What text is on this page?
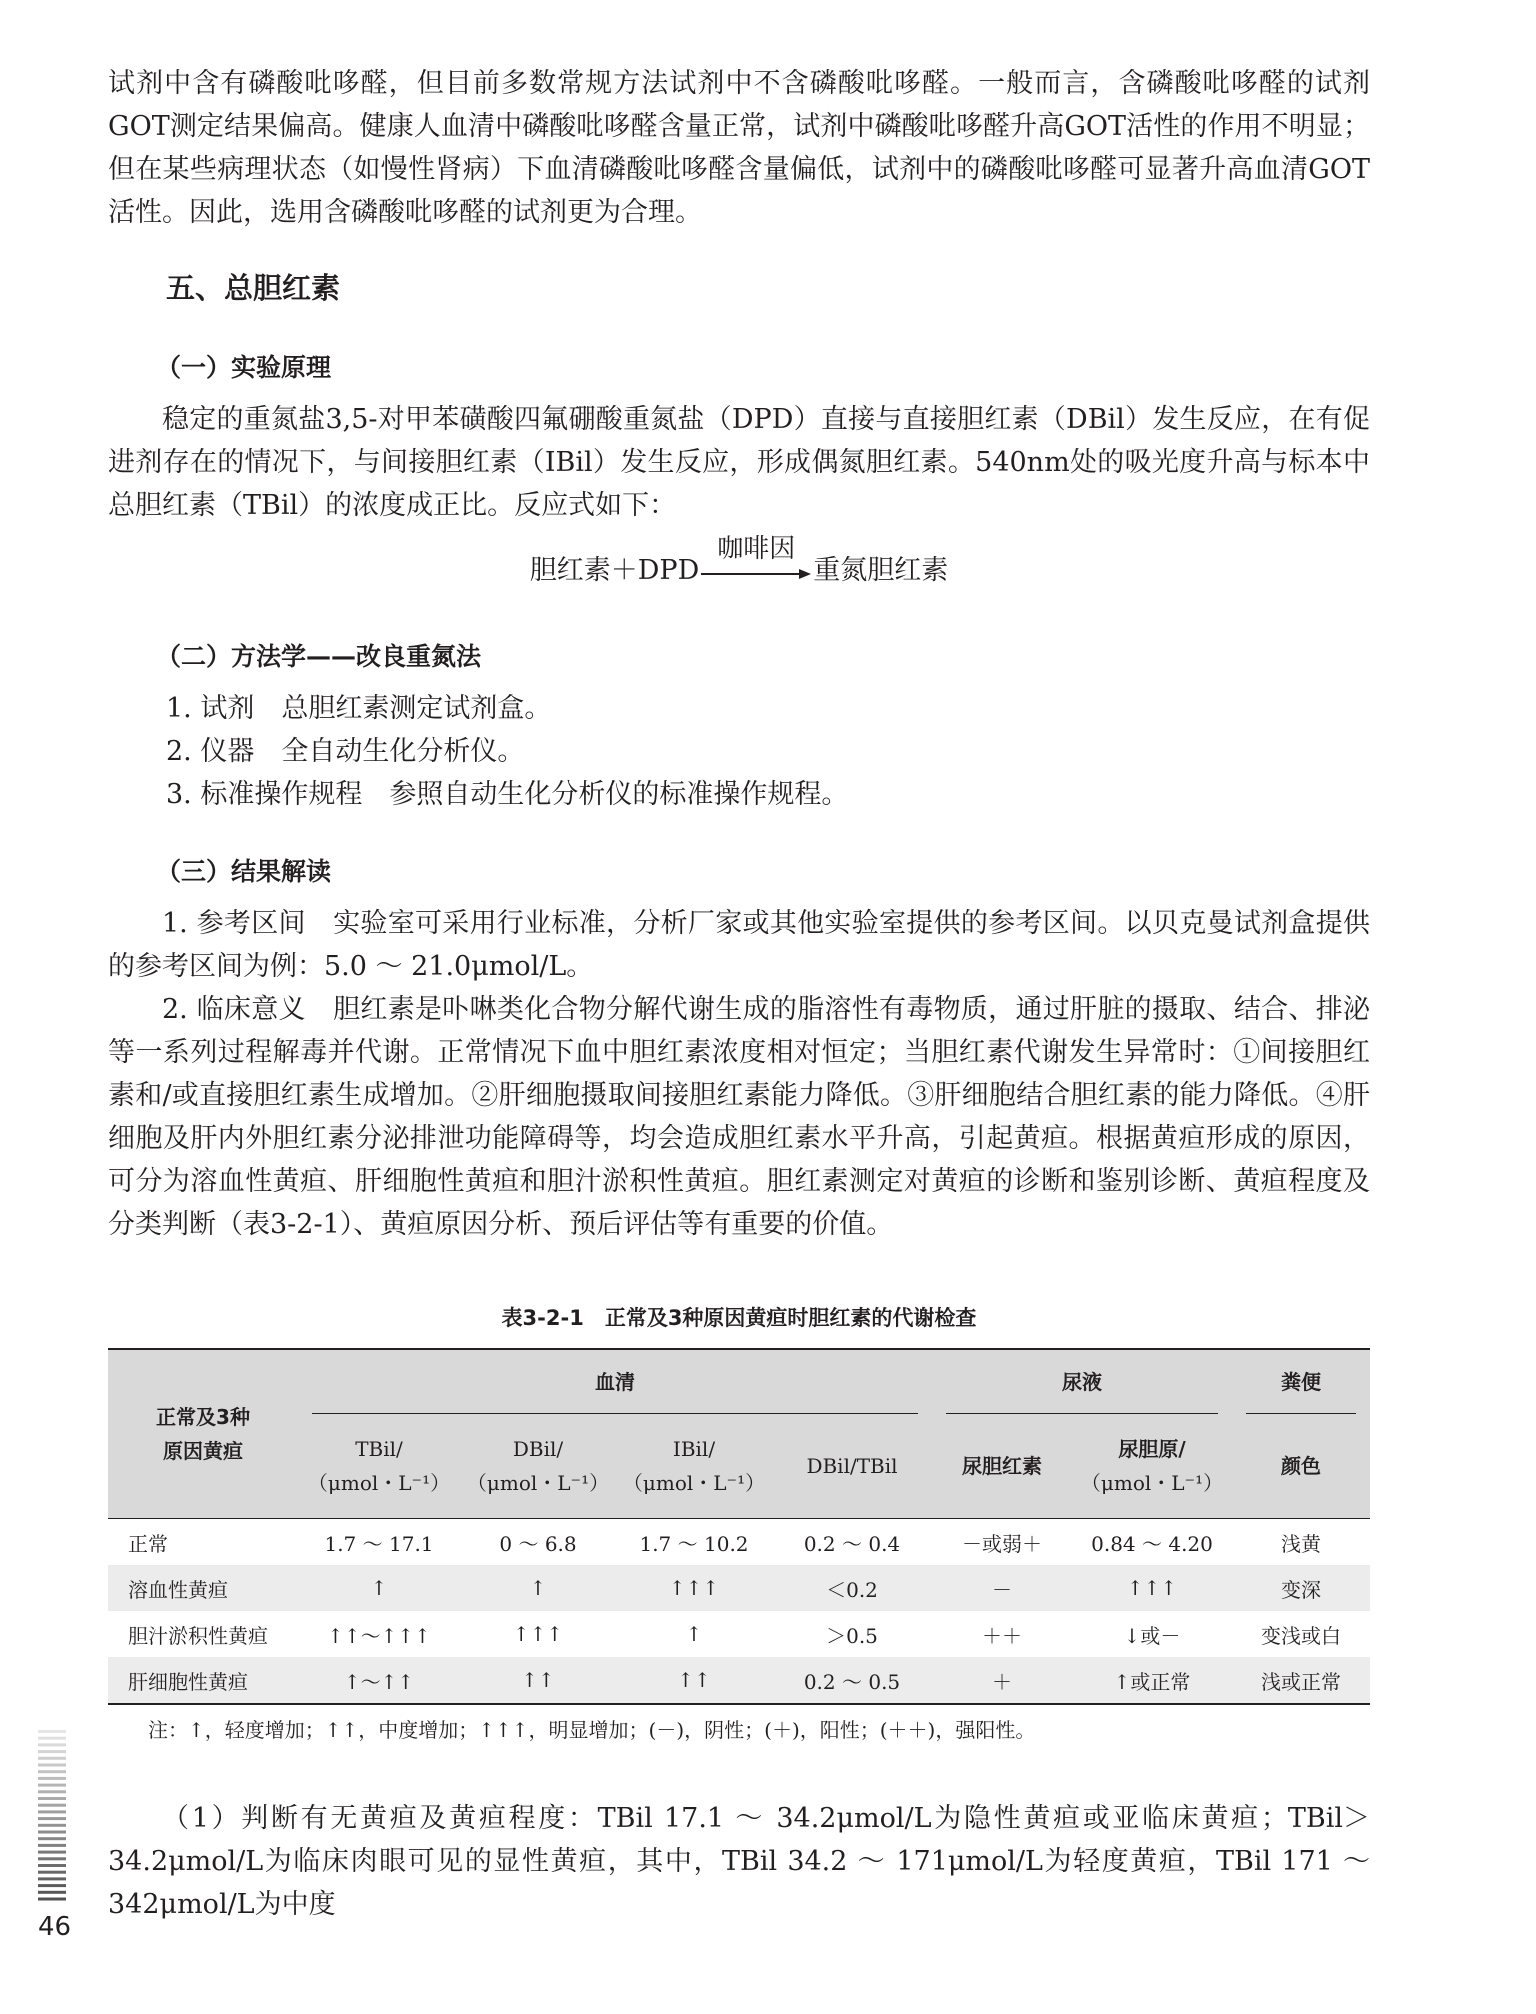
试剂中含有磷酸吡哆醛，但目前多数常规方法试剂中不含磷酸吡哆醛。一般而言，含磷酸吡哆醛的试剂GOT测定结果偏高。健康人血清中磷酸吡哆醛含量正常，试剂中磷酸吡哆醛升高GOT活性的作用不明显；但在某些病理状态（如慢性肾病）下血清磷酸吡哆醛含量偏低，试剂中的磷酸吡哆醛可显著升高血清GOT活性。因此，选用含磷酸吡哆醛的试剂更为合理。

五、总胆红素
（一）实验原理

稳定的重氮盐3,5-对甲苯磺酸四氟硼酸重氮盐（DPD）直接与直接胆红素（DBil）发生反应，在有促进剂存在的情况下，与间接胆红素（IBil）发生反应，形成偶氮胆红素。540nm处的吸光度升高与标本中总胆红素（TBil）的浓度成正比。反应式如下：

胆红素＋DPD
咖啡因
重氮胆红素
（二）方法学——改良重氮法

1. 试剂　总胆红素测定试剂盒。

2. 仪器　全自动生化分析仪。

3. 标准操作规程　参照自动生化分析仪的标准操作规程。

（三）结果解读

1. 参考区间　实验室可采用行业标准，分析厂家或其他实验室提供的参考区间。以贝克曼试剂盒提供的参考区间为例：5.0 ～ 21.0μmol/L。

2. 临床意义　胆红素是卟啉类化合物分解代谢生成的脂溶性有毒物质，通过肝脏的摄取、结合、排泌等一系列过程解毒并代谢。正常情况下血中胆红素浓度相对恒定；当胆红素代谢发生异常时：①间接胆红素和/或直接胆红素生成增加。②肝细胞摄取间接胆红素能力降低。③肝细胞结合胆红素的能力降低。④肝细胞及肝内外胆红素分泌排泄功能障碍等，均会造成胆红素水平升高，引起黄疸。根据黄疸形成的原因，可分为溶血性黄疸、肝细胞性黄疸和胆汁淤积性黄疸。胆红素测定对黄疸的诊断和鉴别诊断、黄疸程度及分类判断（表3-2-1）、黄疸原因分析、预后评估等有重要的价值。

表3-2-1　正常及3种原因黄疸时胆红素的代谢检查
正常及3种
原因黄疸	血清				尿液		粪便

	TBil/
（μmol・L⁻¹）	DBil/
（μmol・L⁻¹）	IBil/
（μmol・L⁻¹）	DBil/TBil	尿胆红素	尿胆原/
（μmol・L⁻¹）	颜色
正常	1.7 ～ 17.1	0 ～ 6.8	1.7 ～ 10.2	0.2 ～ 0.4	－或弱＋	0.84 ～ 4.20	浅黄
溶血性黄疸	↑	↑	↑↑↑	＜0.2	－	↑↑↑	变深
胆汁淤积性黄疸	↑↑～↑↑↑	↑↑↑	↑	＞0.5	＋＋	↓或－	变浅或白
肝细胞性黄疸	↑～↑↑	↑↑	↑↑	0.2 ～ 0.5	＋	↑或正常	浅或正常

注：↑，轻度增加；↑↑，中度增加；↑↑↑，明显增加；(－)，阴性；(＋)，阳性；(＋＋)，强阳性。

（1）判断有无黄疸及黄疸程度：TBil 17.1 ～ 34.2μmol/L为隐性黄疸或亚临床黄疸；TBil＞34.2μmol/L为临床肉眼可见的显性黄疸，其中，TBil 34.2 ～ 171μmol/L为轻度黄疸，TBil 171 ～ 342μmol/L为中度

46
